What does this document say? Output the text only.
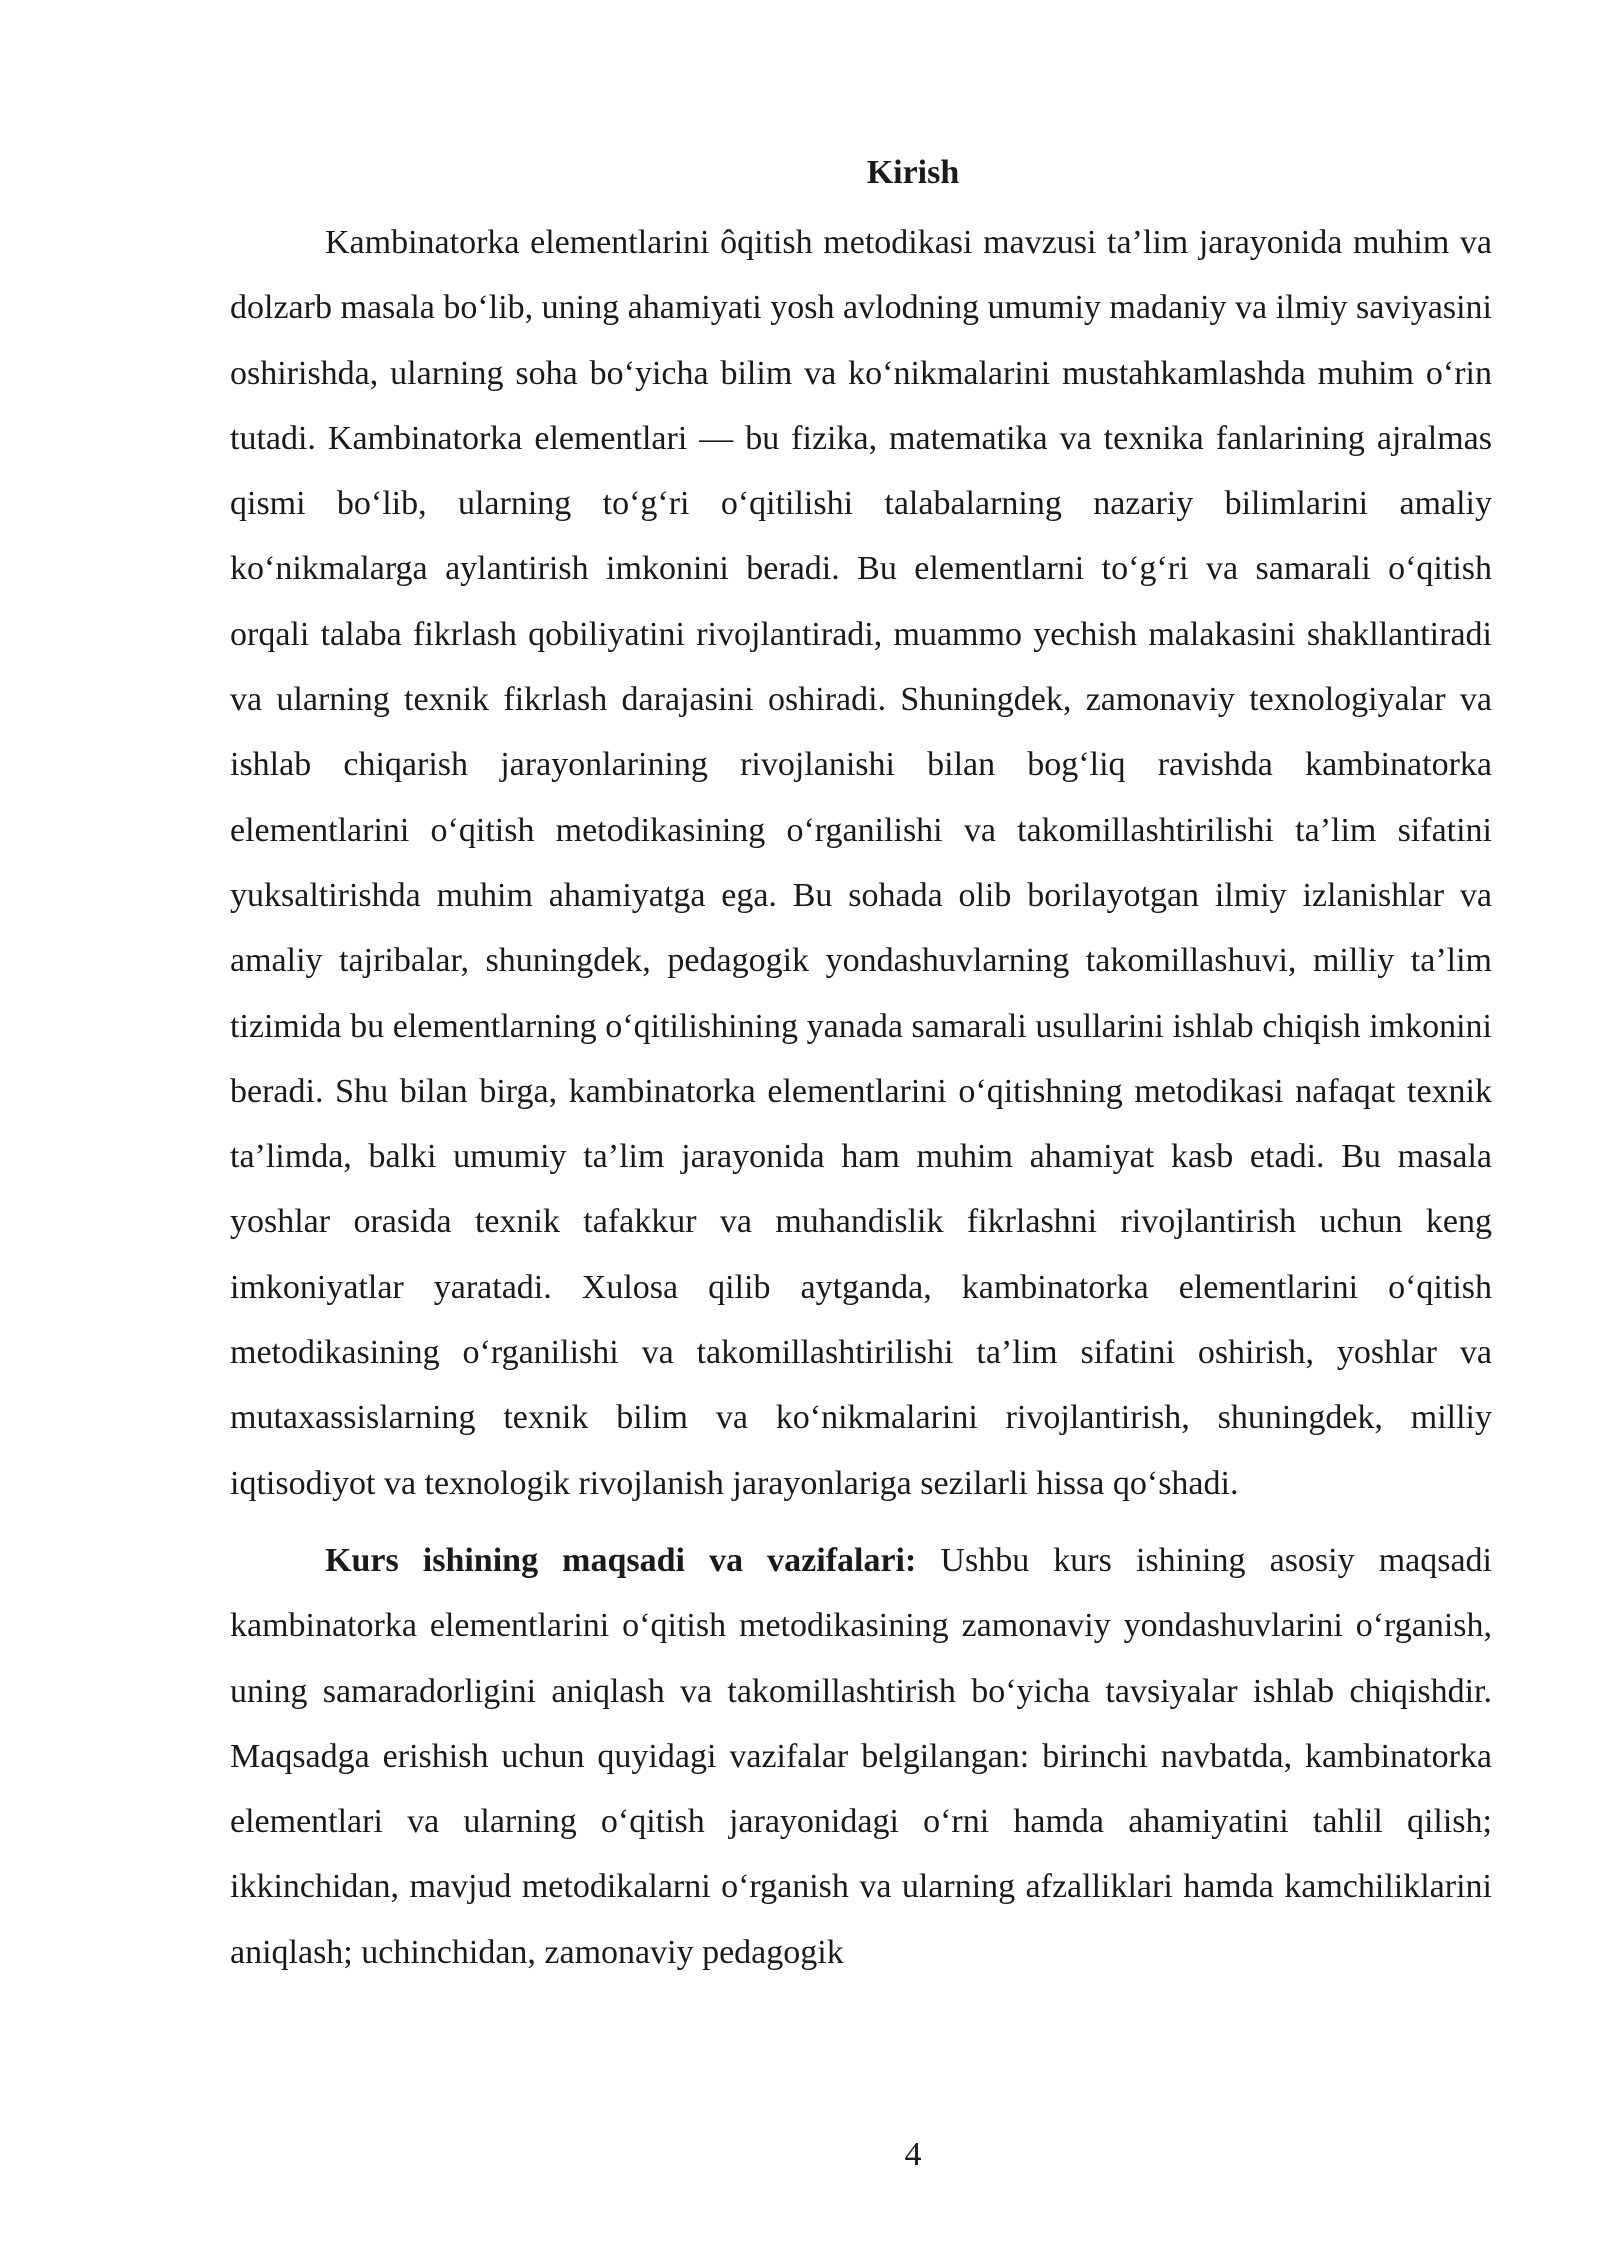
Kirish

Kambinatorka elementlarini ôqitish metodikasi mavzusi ta’lim jarayonida muhim va dolzarb masala bo‘lib, uning ahamiyati yosh avlodning umumiy madaniy va ilmiy saviyasini oshirishda, ularning soha bo‘yicha bilim va ko‘nikmalarini mustahkamlashda muhim o‘rin tutadi. Kambinatorka elementlari — bu fizika, matematika va texnika fanlarining ajralmas qismi bo‘lib, ularning to‘g‘ri o‘qitilishi talabalarning nazariy bilimlarini amaliy ko‘nikmalarga aylantirish imkonini beradi. Bu elementlarni to‘g‘ri va samarali o‘qitish orqali talaba fikrlash qobiliyatini rivojlantiradi, muammo yechish malakasini shakllantiradi va ularning texnik fikrlash darajasini oshiradi. Shuningdek, zamonaviy texnologiyalar va ishlab chiqarish jarayonlarining rivojlanishi bilan bog‘liq ravishda kambinatorka elementlarini o‘qitish metodikasining o‘rganilishi va takomillashtirilishi ta’lim sifatini yuksaltirishda muhim ahamiyatga ega. Bu sohada olib borilayotgan ilmiy izlanishlar va amaliy tajribalar, shuningdek, pedagogik yondashuvlarning takomillashuvi, milliy ta’lim tizimida bu elementlarning o‘qitilishining yanada samarali usullarini ishlab chiqish imkonini beradi. Shu bilan birga, kambinatorka elementlarini o‘qitishning metodikasi nafaqat texnik ta’limda, balki umumiy ta’lim jarayonida ham muhim ahamiyat kasb etadi. Bu masala yoshlar orasida texnik tafakkur va muhandislik fikrlashni rivojlantirish uchun keng imkoniyatlar yaratadi. Xulosa qilib aytganda, kambinatorka elementlarini o‘qitish metodikasining o‘rganilishi va takomillashtirilishi ta’lim sifatini oshirish, yoshlar va mutaxassislarning texnik bilim va ko‘nikmalarini rivojlantirish, shuningdek, milliy iqtisodiyot va texnologik rivojlanish jarayonlariga sezilarli hissa qo‘shadi.

Kurs ishining maqsadi va vazifalari: Ushbu kurs ishining asosiy maqsadi kambinatorka elementlarini o‘qitish metodikasining zamonaviy yondashuvlarini o‘rganish, uning samaradorligini aniqlash va takomillashtirish bo‘yicha tavsiyalar ishlab chiqishdir. Maqsadga erishish uchun quyidagi vazifalar belgilangan: birinchi navbatda, kambinatorka elementlari va ularning o‘qitish jarayonidagi o‘rni hamda ahamiyatini tahlil qilish; ikkinchidan, mavjud metodikalarni o‘rganish va ularning afzalliklari hamda kamchiliklarini aniqlash; uchinchidan, zamonaviy pedagogik

4
